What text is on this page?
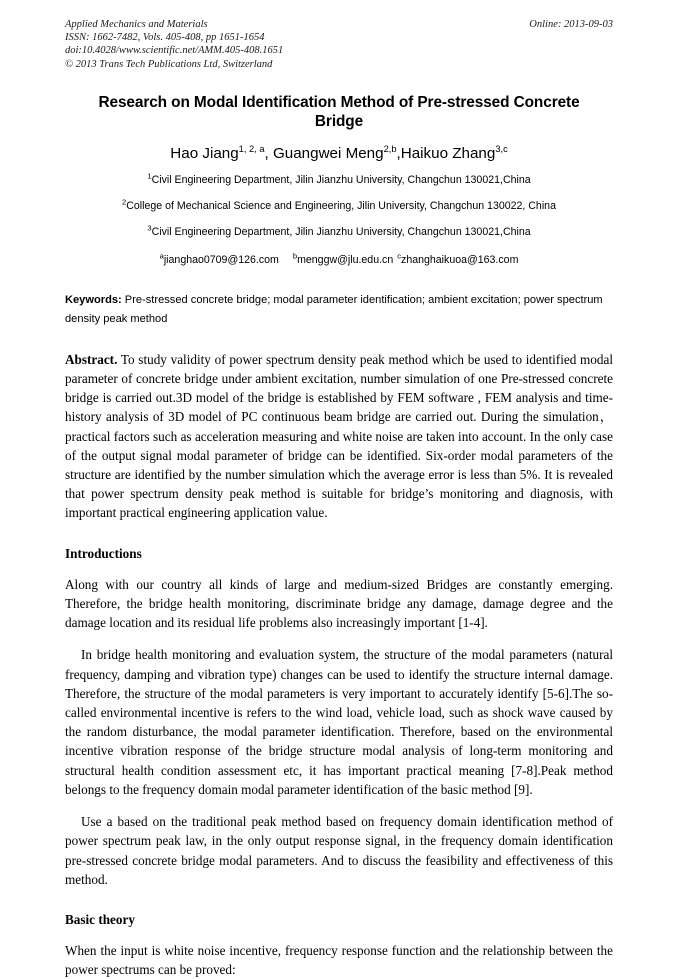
Applied Mechanics and Materials
ISSN: 1662-7482, Vols. 405-408, pp 1651-1654
doi:10.4028/www.scientific.net/AMM.405-408.1651
© 2013 Trans Tech Publications Ltd, Switzerland
Online: 2013-09-03
Research on Modal Identification Method of Pre-stressed Concrete Bridge
Hao Jiang$^{1, 2, a}$, Guangwei Meng$^{2,b}$,Haikuo Zhang$^{3,c}$
$^1$Civil Engineering Department, Jilin Jianzhu University, Changchun 130021,China
$^2$College of Mechanical Science and Engineering, Jilin University, Changchun 130022, China
$^3$Civil Engineering Department, Jilin Jianzhu University, Changchun 130021,China
$^a$jianghao0709@126.com $^b$menggw@jlu.edu.cn $^c$zhanghaikuoa@163.com
Keywords: Pre-stressed concrete bridge; modal parameter identification; ambient excitation; power spectrum density peak method
Abstract. To study validity of power spectrum density peak method which be used to identified modal parameter of concrete bridge under ambient excitation, number simulation of one Pre-stressed concrete bridge is carried out.3D model of the bridge is established by FEM software , FEM analysis and time-history analysis of 3D model of PC continuous beam bridge are carried out. During the simulation，practical factors such as acceleration measuring and white noise are taken into account. In the only case of the output signal modal parameter of bridge can be identified. Six-order modal parameters of the structure are identified by the number simulation which the average error is less than 5%. It is revealed that power spectrum density peak method is suitable for bridge’s monitoring and diagnosis, with important practical engineering application value.
Introductions

Along with our country all kinds of large and medium-sized Bridges are constantly emerging. Therefore, the bridge health monitoring, discriminate bridge any damage, damage degree and the damage location and its residual life problems also increasingly important [1-4].

In bridge health monitoring and evaluation system, the structure of the modal parameters (natural frequency, damping and vibration type) changes can be used to identify the structure internal damage. Therefore, the structure of the modal parameters is very important to accurately identify [5-6].The so-called environmental incentive is refers to the wind load, vehicle load, such as shock wave caused by the random disturbance, the modal parameter identification. Therefore, based on the environmental incentive vibration response of the bridge structure modal analysis of long-term monitoring and structural health condition assessment etc, it has important practical meaning [7-8].Peak method belongs to the frequency domain modal parameter identification of the basic method [9].

Use a based on the traditional peak method based on frequency domain identification method of power spectrum peak law, in the only output response signal, in the frequency domain identification pre-stressed concrete bridge modal parameters. And to discuss the feasibility and effectiveness of this method.

Basic theory

When the input is white noise incentive, frequency response function and the relationship between the power spectrums can be proved:
